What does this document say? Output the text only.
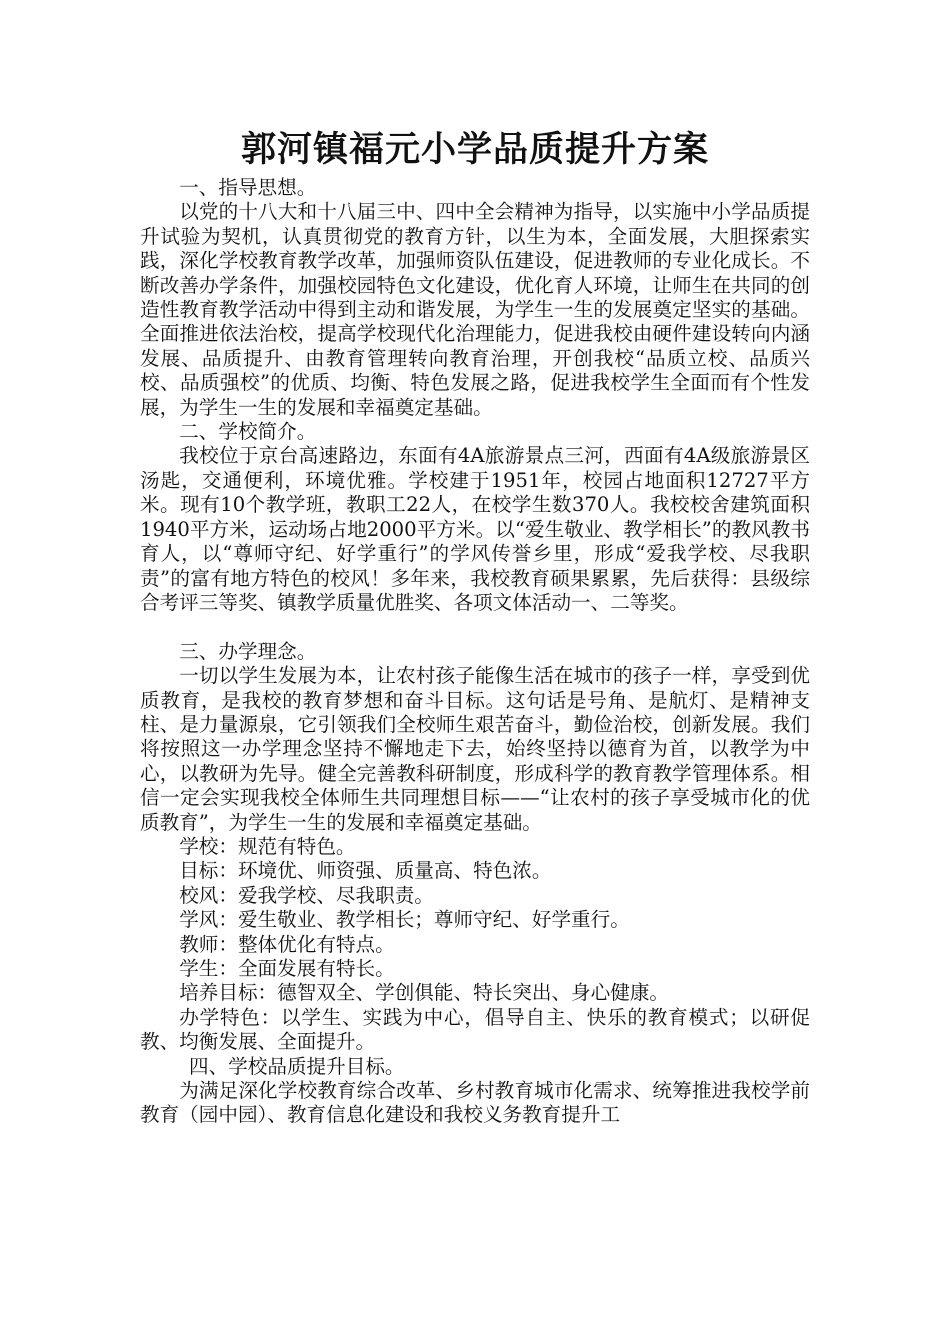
郭河镇福元小学品质提升方案

一、指导思想。

以党的十八大和十八届三中、四中全会精神为指导，以实施中小学品质提升试验为契机，认真贯彻党的教育方针，以生为本，全面发展，大胆探索实践，深化学校教育教学改革，加强师资队伍建设，促进教师的专业化成长。不断改善办学条件，加强校园特色文化建设，优化育人环境，让师生在共同的创造性教育教学活动中得到主动和谐发展，为学生一生的发展奠定坚实的基础。全面推进依法治校，提高学校现代化治理能力，促进我校由硬件建设转向内涵发展、品质提升、由教育管理转向教育治理，开创我校“品质立校、品质兴校、品质强校”的优质、均衡、特色发展之路，促进我校学生全面而有个性发展，为学生一生的发展和幸福奠定基础。

二、学校简介。

我校位于京台高速路边，东面有4A旅游景点三河，西面有4A级旅游景区汤匙，交通便利，环境优雅。学校建于1951年，校园占地面积12727平方米。现有10个教学班，教职工22人，在校学生数370人。我校校舍建筑面积1940平方米，运动场占地2000平方米。以“爱生敬业、教学相长”的教风教书育人，以“尊师守纪、好学重行”的学风传誉乡里，形成“爱我学校、尽我职责”的富有地方特色的校风！多年来，我校教育硕果累累，先后获得：县级综合考评三等奖、镇教学质量优胜奖、各项文体活动一、二等奖。

三、办学理念。

一切以学生发展为本，让农村孩子能像生活在城市的孩子一样，享受到优质教育，是我校的教育梦想和奋斗目标。这句话是号角、是航灯、是精神支柱、是力量源泉，它引领我们全校师生艰苦奋斗，勤俭治校，创新发展。我们将按照这一办学理念坚持不懈地走下去，始终坚持以德育为首，以教学为中心，以教研为先导。健全完善教科研制度，形成科学的教育教学管理体系。相信一定会实现我校全体师生共同理想目标——“让农村的孩子享受城市化的优质教育”，为学生一生的发展和幸福奠定基础。

学校：规范有特色。

目标：环境优、师资强、质量高、特色浓。

校风：爱我学校、尽我职责。

学风：爱生敬业、教学相长；尊师守纪、好学重行。

教师：整体优化有特点。

学生：全面发展有特长。

培养目标：德智双全、学创俱能、特长突出、身心健康。

办学特色：以学生、实践为中心，倡导自主、快乐的教育模式；以研促教、均衡发展、全面提升。

四、学校品质提升目标。

为满足深化学校教育综合改革、乡村教育城市化需求、统筹推进我校学前教育（园中园）、教育信息化建设和我校义务教育提升工
